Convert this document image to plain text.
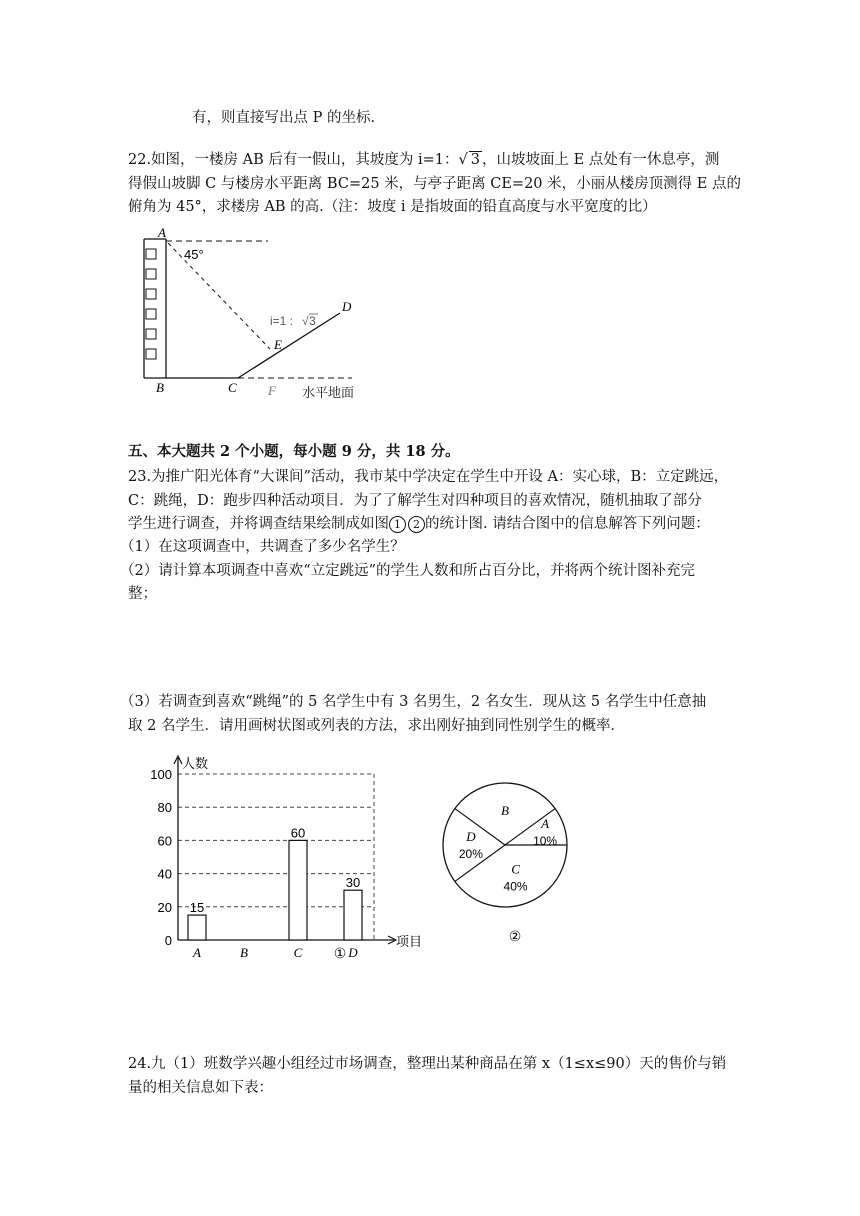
有，则直接写出点 P 的坐标.
22.如图，一楼房 AB 后有一假山，其坡度为 i=1：√ 3 ，山坡坡面上 E 点处有一休息亭，测
得假山坡脚 C 与楼房水平距离 BC=25 米，与亭子距离 CE=20 米，小丽从楼房顶测得 E 点的
俯角为 45°，求楼房 AB 的高.（注：坡度 i 是指坡面的铅直高度与水平宽度的比）
A
45°
B	C
D
E
F
i=1 : √ 3
水平地面
五、本大题共 2 个小题，每小题 9 分，共 18 分。
23.为推广阳光体育“大课间”活动，我市某中学决定在学生中开设 A：实心球，B：立定跳远，
C：跳绳，D：跑步四种活动项目．为了了解学生对四种项目的喜欢情况，随机抽取了部分
学生进行调查，并将调查结果绘制成如图 1 2 的统计图. 请结合图中的信息解答下列问题：
（1）在这项调查中，共调查了多少名学生？
（2）请计算本项调查中喜欢“立定跳远”的学生人数和所占百分比，并将两个统计图补充完
整；
（3）若调查到喜欢“跳绳”的 5 名学生中有 3 名男生，2 名女生．现从这 5 名学生中任意抽
取 2 名学生．请用画树状图或列表的方法，求出刚好抽到同性别学生的概率．
0
20
40
60
80
100
人数
项目
A
15
B	C
60
D
30
①
A
10%
B
C
40%
D
20%
②
24.九（1）班数学兴趣小组经过市场调查，整理出某种商品在第 x（1≤x≤90）天的售价与销
量的相关信息如下表：
